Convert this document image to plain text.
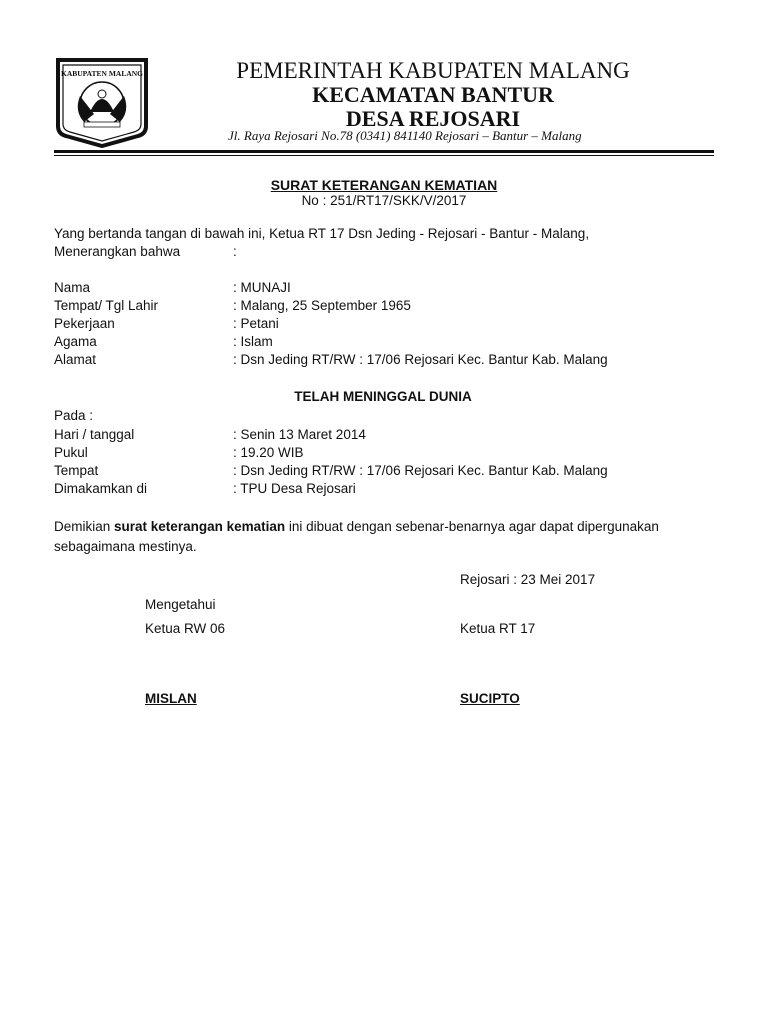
KABUPATEN MALANG	PEMERINTAH KABUPATEN MALANG
KECAMATAN BANTUR
DESA REJOSARI
Jl. Raya Rejosari No.78 (0341) 841140 Rejosari – Bantur – Malang
SURAT KETERANGAN KEMATIAN
No : 251/RT17/SKK/V/2017
Yang bertanda tangan di bawah ini, Ketua RT 17 Dsn Jeding - Rejosari - Bantur - Malang,
Menerangkan bahwa	:
Nama	: MUNAJI
Tempat/ Tgl Lahir	: Malang, 25 September 1965
Pekerjaan	: Petani
Agama	: Islam
Alamat	: Dsn Jeding RT/RW : 17/06 Rejosari Kec. Bantur Kab. Malang
TELAH MENINGGAL DUNIA
Pada :
Hari / tanggal	: Senin 13 Maret 2014
Pukul	: 19.20 WIB
Tempat	: Dsn Jeding RT/RW : 17/06 Rejosari Kec. Bantur Kab. Malang
Dimakamkan di	: TPU Desa Rejosari
Demikian surat keterangan kematian ini dibuat dengan sebenar-benarnya agar dapat dipergunakan sebagaimana mestinya.
Rejosari : 23 Mei 2017
Mengetahui
Ketua RW 06	Ketua RT 17
MISLAN	SUCIPTO
